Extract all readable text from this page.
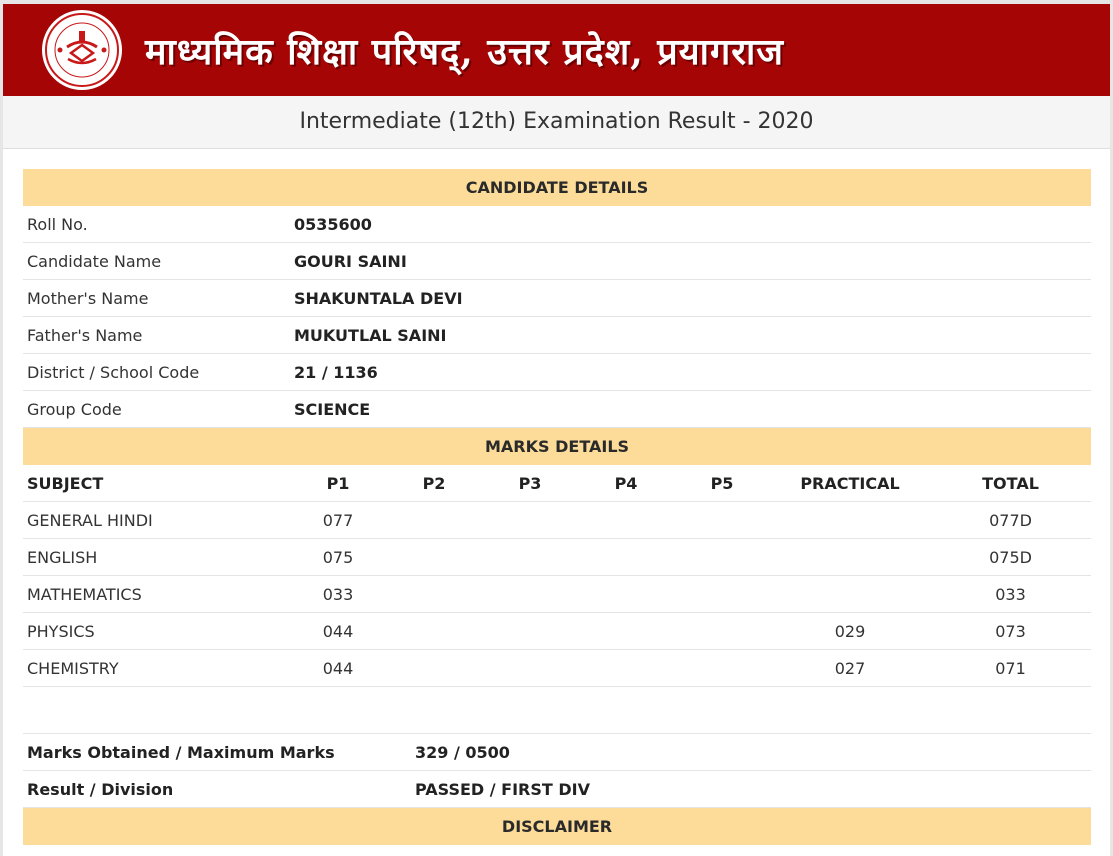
माध्यमिक शिक्षा परिषद्, उत्तर प्रदेश, प्रयागराज
Intermediate (12th) Examination Result - 2020
CANDIDATE DETAILS							
Roll No.	0535600						
Candidate Name	GOURI SAINI						
Mother's Name	SHAKUNTALA DEVI						
Father's Name	MUKUTLAL SAINI						
District / School Code	21 / 1136						
Group Code	SCIENCE						
MARKS DETAILS							
SUBJECT	P1	P2	P3	P4	P5	PRACTICAL	TOTAL
GENERAL HINDI	077						077D
ENGLISH	075						075D
MATHEMATICS	033						033
PHYSICS	044					029	073
CHEMISTRY	044					027	071

Marks Obtained / Maximum Marks		329 / 0500					
Result / Division		PASSED / FIRST DIV					
DISCLAIMER							
